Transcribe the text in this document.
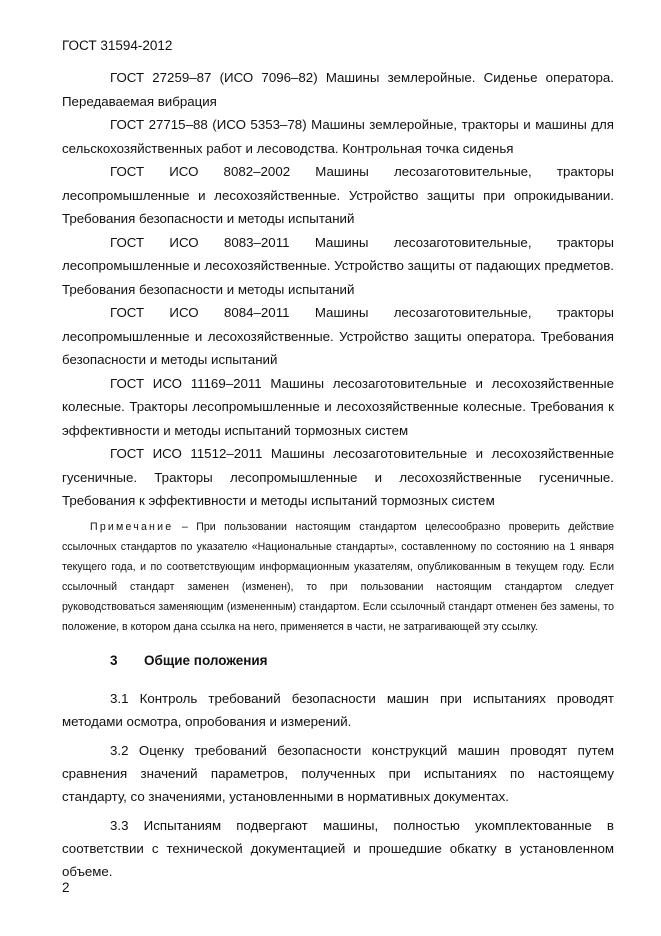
ГОСТ 31594-2012

ГОСТ 27259–87 (ИСО 7096–82) Машины землеройные. Сиденье оператора. Передаваемая вибрация

ГОСТ 27715–88 (ИСО 5353–78) Машины землеройные, тракторы и машины для сельскохозяйственных работ и лесоводства. Контрольная точка сиденья

ГОСТ ИСО 8082–2002 Машины лесозаготовительные, тракторы лесопромышленные и лесохозяйственные. Устройство защиты при опрокидывании. Требования безопасности и методы испытаний

ГОСТ ИСО 8083–2011 Машины лесозаготовительные, тракторы лесопромышленные и лесохозяйственные. Устройство защиты от падающих предметов. Требования безопасности и методы испытаний

ГОСТ ИСО 8084–2011 Машины лесозаготовительные, тракторы лесопромышленные и лесохозяйственные. Устройство защиты оператора. Требования безопасности и методы испытаний

ГОСТ ИСО 11169–2011 Машины лесозаготовительные и лесохозяйственные колесные. Тракторы лесопромышленные и лесохозяйственные колесные. Требования к эффективности и методы испытаний тормозных систем

ГОСТ ИСО 11512–2011 Машины лесозаготовительные и лесохозяйственные гусеничные. Тракторы лесопромышленные и лесохозяйственные гусеничные. Требования к эффективности и методы испытаний тормозных систем

Примечание – При пользовании настоящим стандартом целесообразно проверить действие ссылочных стандартов по указателю «Национальные стандарты», составленному по состоянию на 1 января текущего года, и по соответствующим информационным указателям, опубликованным в текущем году. Если ссылочный стандарт заменен (изменен), то при пользовании настоящим стандартом следует руководствоваться заменяющим (измененным) стандартом. Если ссылочный стандарт отменен без замены, то положение, в котором дана ссылка на него, применяется в части, не затрагивающей эту ссылку.

3 Общие положения

3.1 Контроль требований безопасности машин при испытаниях проводят методами осмотра, опробования и измерений.

3.2 Оценку требований безопасности конструкций машин проводят путем сравнения значений параметров, полученных при испытаниях по настоящему стандарту, со значениями, установленными в нормативных документах.

3.3 Испытаниям подвергают машины, полностью укомплектованные в соответствии с технической документацией и прошедшие обкатку в установленном объеме.

2
